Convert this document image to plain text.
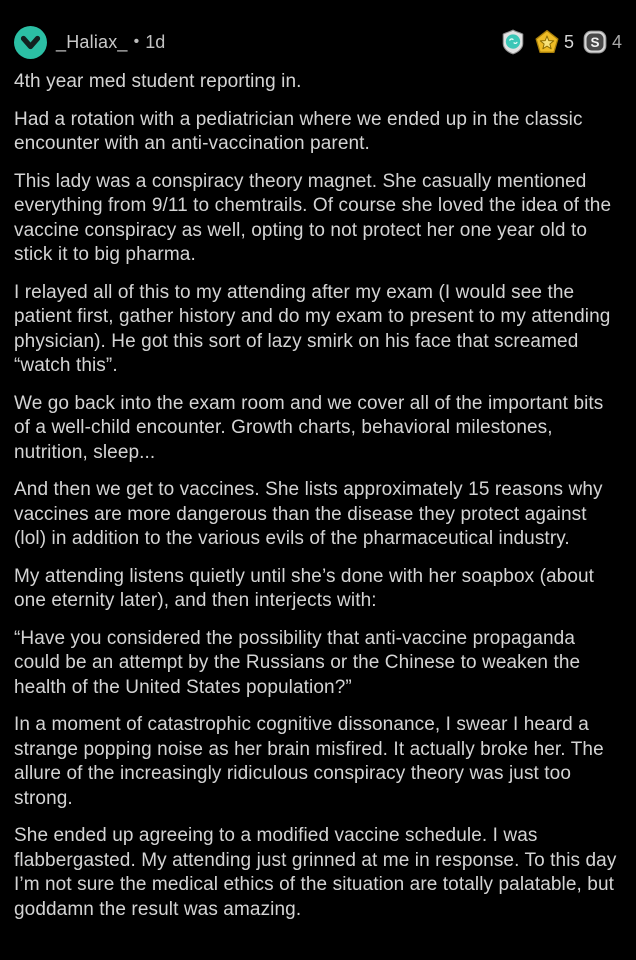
_Haliax_ • 1d	5 S 4

4th year med student reporting in.

Had a rotation with a pediatrician where we ended up in the classic encounter with an anti-vaccination parent.

This lady was a conspiracy theory magnet. She casually mentioned everything from 9/11 to chemtrails. Of course she loved the idea of the vaccine conspiracy as well, opting to not protect her one year old to stick it to big pharma.

I relayed all of this to my attending after my exam (I would see the patient first, gather history and do my exam to present to my attending physician). He got this sort of lazy smirk on his face that screamed “watch this”.

We go back into the exam room and we cover all of the important bits of a well-child encounter. Growth charts, behavioral milestones, nutrition, sleep...

And then we get to vaccines. She lists approximately 15 reasons why vaccines are more dangerous than the disease they protect against (lol) in addition to the various evils of the pharmaceutical industry.

My attending listens quietly until she’s done with her soapbox (about one eternity later), and then interjects with:

“Have you considered the possibility that anti-vaccine propaganda could be an attempt by the Russians or the Chinese to weaken the health of the United States population?”

In a moment of catastrophic cognitive dissonance, I swear I heard a strange popping noise as her brain misfired. It actually broke her. The allure of the increasingly ridiculous conspiracy theory was just too strong.

She ended up agreeing to a modified vaccine schedule. I was flabbergasted. My attending just grinned at me in response. To this day I’m not sure the medical ethics of the situation are totally palatable, but goddamn the result was amazing.
